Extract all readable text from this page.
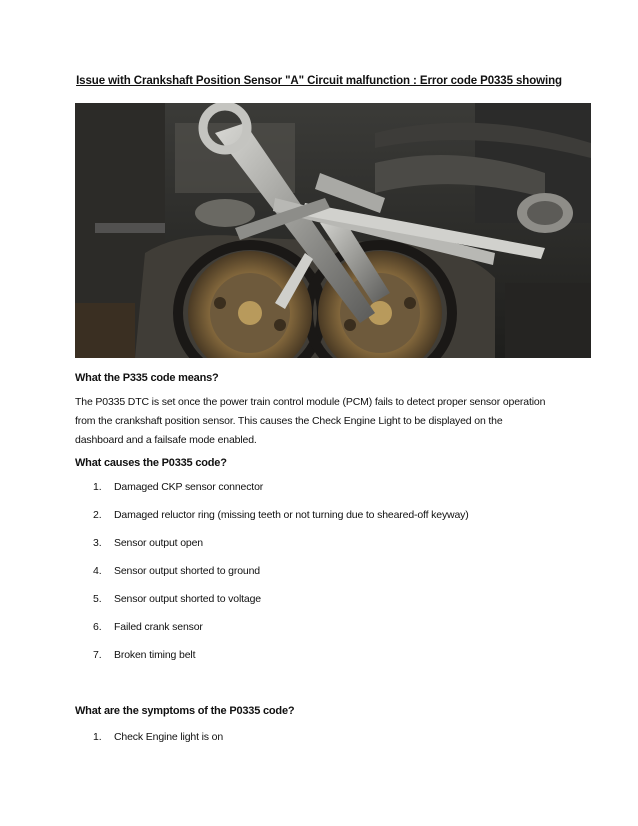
Issue with Crankshaft Position Sensor "A" Circuit malfunction : Error code P0335 showing
What the P335 code means?
The P0335 DTC is set once the power train control module (PCM) fails to detect proper sensor operation
from the crankshaft position sensor. This causes the Check Engine Light to be displayed on the
dashboard and a failsafe mode enabled.
What causes the P0335 code?
1. Damaged CKP sensor connector
2. Damaged reluctor ring (missing teeth or not turning due to sheared-off keyway)
3. Sensor output open
4. Sensor output shorted to ground
5. Sensor output shorted to voltage
6. Failed crank sensor
7. Broken timing belt
What are the symptoms of the P0335 code?
1. Check Engine light is on
